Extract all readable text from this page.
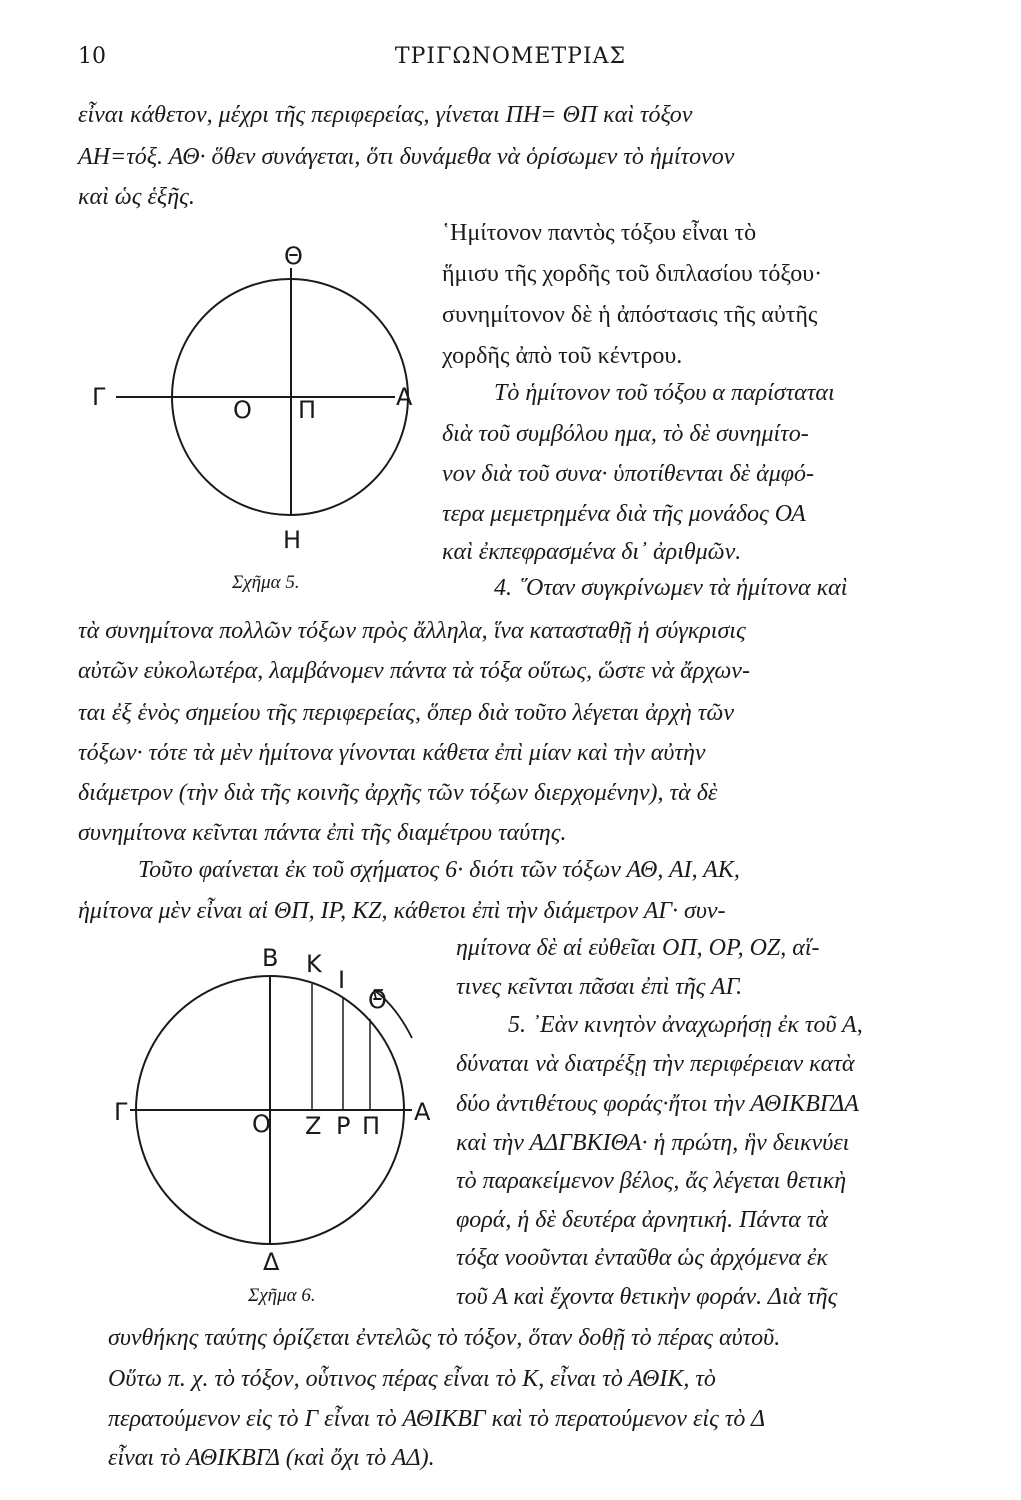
10	ΤΡΙΓΩΝΟΜΕΤΡΙΑΣ
εἶναι κάθετον, μέχρι τῆς περιφερείας, γίνεται ΠΗ= ΘΠ καὶ τόξον
ΑΗ=τόξ. ΑΘ· ὅθεν συνάγεται, ὅτι δυνάμεθα νὰ ὁρίσωμεν τὸ ἡμίτονον
καὶ ὡς ἑξῆς.
῾Ημίτονον παντὸς τόξου εἶναι τὸ
ἥμισυ τῆς χορδῆς τοῦ διπλασίου τόξου·
συνημίτονον δὲ ἡ ἀπόστασις τῆς αὐτῆς
χορδῆς ἀπὸ τοῦ κέντρου.
Τὸ ἡμίτονον τοῦ τόξου α παρίσταται
διὰ τοῦ συμβόλου ημα, τὸ δὲ συνημίτο-
νον διὰ τοῦ συνα· ὑποτίθενται δὲ ἀμφό-
τερα μεμετρημένα διὰ τῆς μονάδος ΟΑ
καὶ ἐκπεφρασμένα δι᾽ ἀριθμῶν.
4. ῞Οταν συγκρίνωμεν τὰ ἡμίτονα καὶ
τὰ συνημίτονα πολλῶν τόξων πρὸς ἄλληλα, ἵνα κατασταθῇ ἡ σύγκρισις
αὐτῶν εὐκολωτέρα, λαμβάνομεν πάντα τὰ τόξα οὕτως, ὥστε νὰ ἄρχων-
ται ἐξ ἑνὸς σημείου τῆς περιφερείας, ὅπερ διὰ τοῦτο λέγεται ἀρχὴ τῶν
τόξων· τότε τὰ μὲν ἡμίτονα γίνονται κάθετα ἐπὶ μίαν καὶ τὴν αὐτὴν
διάμετρον (τὴν διὰ τῆς κοινῆς ἀρχῆς τῶν τόξων διερχομένην), τὰ δὲ
συνημίτονα κεῖνται πάντα ἐπὶ τῆς διαμέτρου ταύτης.
Τοῦτο φαίνεται ἐκ τοῦ σχήματος 6· διότι τῶν τόξων ΑΘ, ΑΙ, ΑΚ,
ἡμίτονα μὲν εἶναι αἱ ΘΠ, ΙΡ, ΚΖ, κάθετοι ἐπὶ τὴν διάμετρον ΑΓ· συν-
ημίτονα δὲ αἱ εὐθεῖαι ΟΠ, ΟΡ, ΟΖ, αἵ-
τινες κεῖνται πᾶσαι ἐπὶ τῆς ΑΓ.
5. ᾿Εὰν κινητὸν ἀναχωρήσῃ ἐκ τοῦ Α,
δύναται νὰ διατρέξῃ τὴν περιφέρειαν κατὰ
δύο ἀντιθέτους φοράς·ἤτοι τὴν ΑΘΙΚΒΓΔΑ
καὶ τὴν ΑΔΓΒΚΙΘΑ· ἡ πρώτη, ἣν δεικνύει
τὸ παρακείμενον βέλος, ἄς λέγεται θετικὴ
φορά, ἡ δὲ δευτέρα ἀρνητική. Πάντα τὰ
τόξα νοοῦνται ἐνταῦθα ὡς ἀρχόμενα ἐκ
τοῦ Α καὶ ἔχοντα θετικὴν φοράν. Διὰ τῆς
συνθήκης ταύτης ὁρίζεται ἐντελῶς τὸ τόξον, ὅταν δοθῇ τὸ πέρας αὐτοῦ.
Οὕτω π. χ. τὸ τόξον, οὗτινος πέρας εἶναι τὸ Κ, εἶναι τὸ ΑΘΙΚ, τὸ
περατούμενον εἰς τὸ Γ εἶναι τὸ ΑΘΙΚΒΓ καὶ τὸ περατούμενον εἰς τὸ Δ
εἶναι τὸ ΑΘΙΚΒΓΔ (καὶ ὄχι τὸ ΑΔ).
Θ
Γ	Ο Π	Α
Η
Σχῆμα 5.
Β Κ
Ι
Θ
Γ	Ο Ζ Ρ Π Α
Δ
Σχῆμα 6.
